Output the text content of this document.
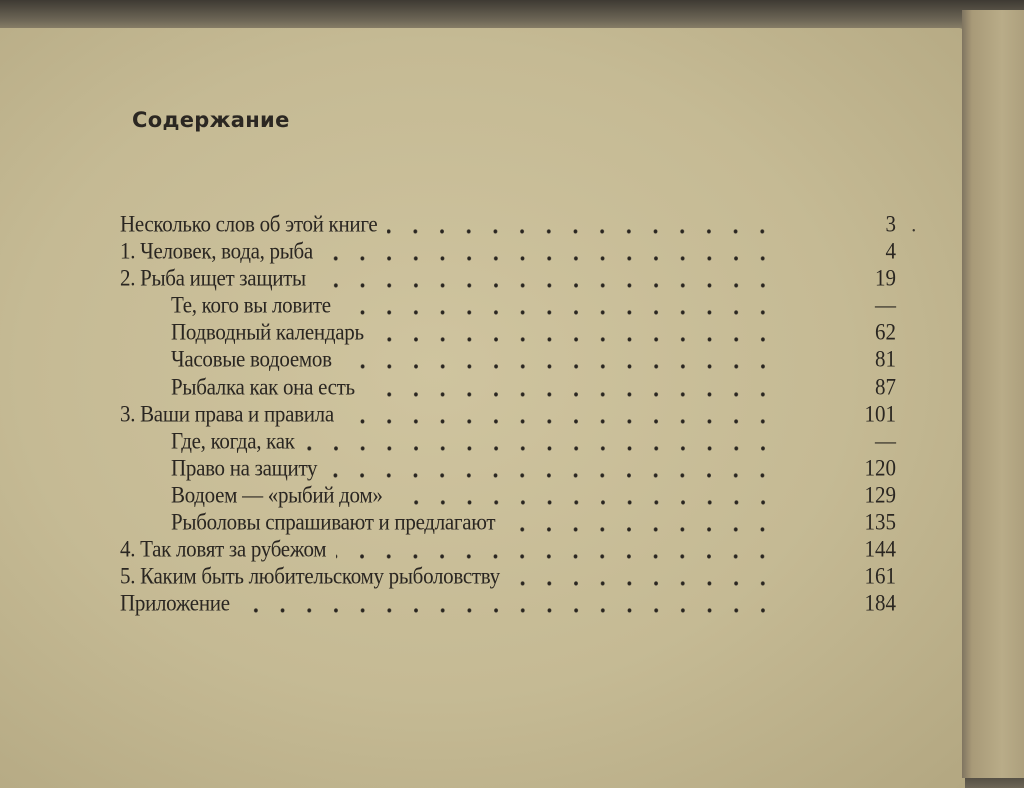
Содержание
Несколько слов об этой книге	3
1. Человек, вода, рыба	4
2. Рыба ищет защиты	19
Те, кого вы ловите	—
Подводный календарь	62
Часовые водоемов	81
Рыбалка как она есть	87
3. Ваши права и правила	101
Где, когда, как	—
Право на защиту	120
Водоем — «рыбий дом»	129
Рыболовы спрашивают и предлагают	135
4. Так ловят за рубежом	144
5. Каким быть любительскому рыболовству	161
Приложение	184
•
